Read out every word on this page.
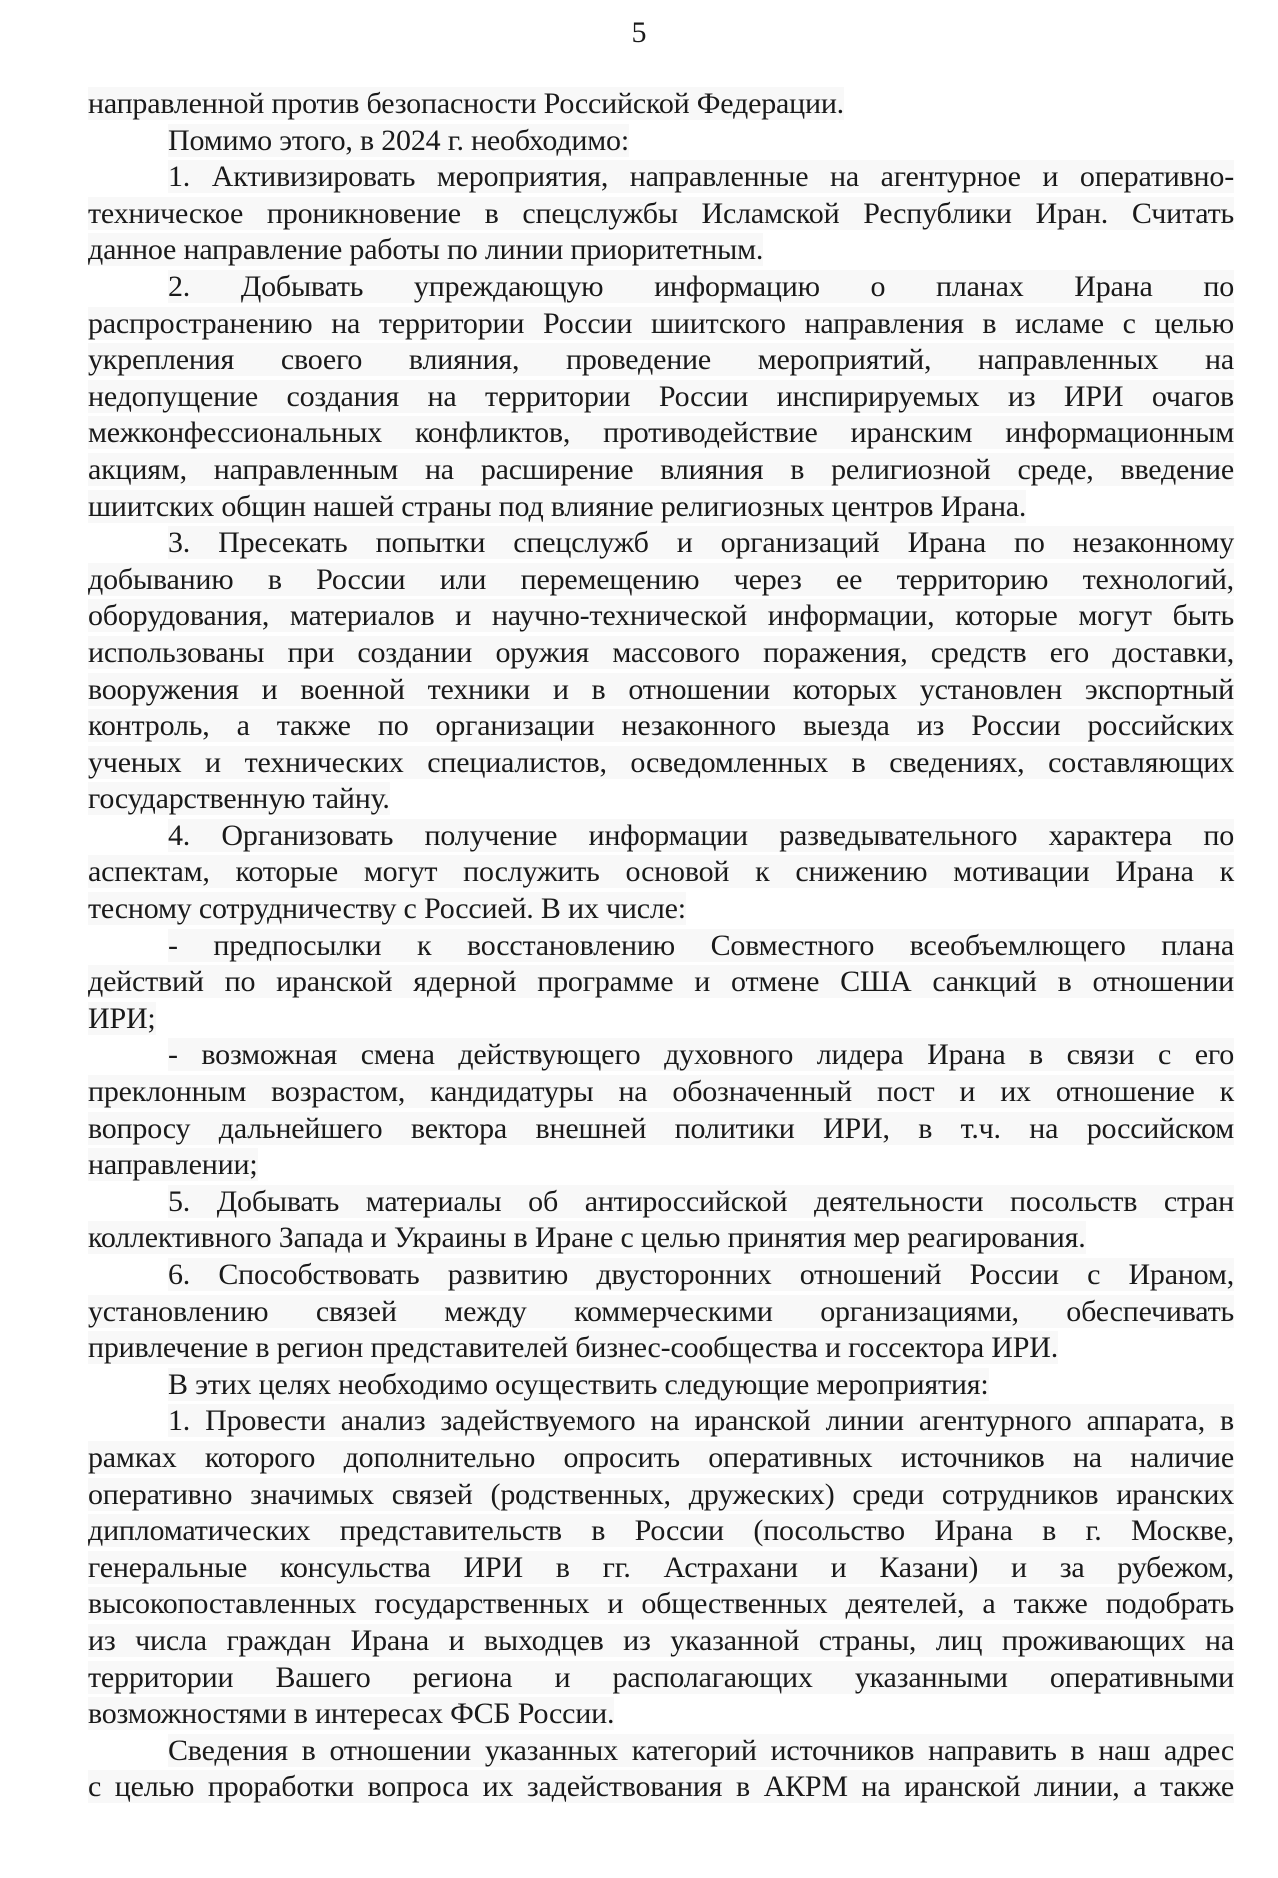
5
направленной против безопасности Российской Федерации.
Помимо этого, в 2024 г. необходимо:
1. Активизировать мероприятия, направленные на агентурное и оперативно-
техническое проникновение в спецслужбы Исламской Республики Иран. Считать
данное направление работы по линии приоритетным.
2. Добывать упреждающую информацию о планах Ирана по
распространению на территории России шиитского направления в исламе с целью
укрепления своего влияния, проведение мероприятий, направленных на
недопущение создания на территории России инспирируемых из ИРИ очагов
межконфессиональных конфликтов, противодействие иранским информационным
акциям, направленным на расширение влияния в религиозной среде, введение
шиитских общин нашей страны под влияние религиозных центров Ирана.
3. Пресекать попытки спецслужб и организаций Ирана по незаконному
добыванию в России или перемещению через ее территорию технологий,
оборудования, материалов и научно-технической информации, которые могут быть
использованы при создании оружия массового поражения, средств его доставки,
вооружения и военной техники и в отношении которых установлен экспортный
контроль, а также по организации незаконного выезда из России российских
ученых и технических специалистов, осведомленных в сведениях, составляющих
государственную тайну.
4. Организовать получение информации разведывательного характера по
аспектам, которые могут послужить основой к снижению мотивации Ирана к
тесному сотрудничеству с Россией. В их числе:
- предпосылки к восстановлению Совместного всеобъемлющего плана
действий по иранской ядерной программе и отмене США санкций в отношении
ИРИ;
- возможная смена действующего духовного лидера Ирана в связи с его
преклонным возрастом, кандидатуры на обозначенный пост и их отношение к
вопросу дальнейшего вектора внешней политики ИРИ, в т.ч. на российском
направлении;
5. Добывать материалы об антироссийской деятельности посольств стран
коллективного Запада и Украины в Иране с целью принятия мер реагирования.
6. Способствовать развитию двусторонних отношений России с Ираном,
установлению связей между коммерческими организациями, обеспечивать
привлечение в регион представителей бизнес-сообщества и госсектора ИРИ.
В этих целях необходимо осуществить следующие мероприятия:
1. Провести анализ задействуемого на иранской линии агентурного аппарата, в
рамках которого дополнительно опросить оперативных источников на наличие
оперативно значимых связей (родственных, дружеских) среди сотрудников иранских
дипломатических представительств в России (посольство Ирана в г. Москве,
генеральные консульства ИРИ в гг. Астрахани и Казани) и за рубежом,
высокопоставленных государственных и общественных деятелей, а также подобрать
из числа граждан Ирана и выходцев из указанной страны, лиц проживающих на
территории Вашего региона и располагающих указанными оперативными
возможностями в интересах ФСБ России.
Сведения в отношении указанных категорий источников направить в наш адрес
с целью проработки вопроса их задействования в АКРМ на иранской линии, а также
